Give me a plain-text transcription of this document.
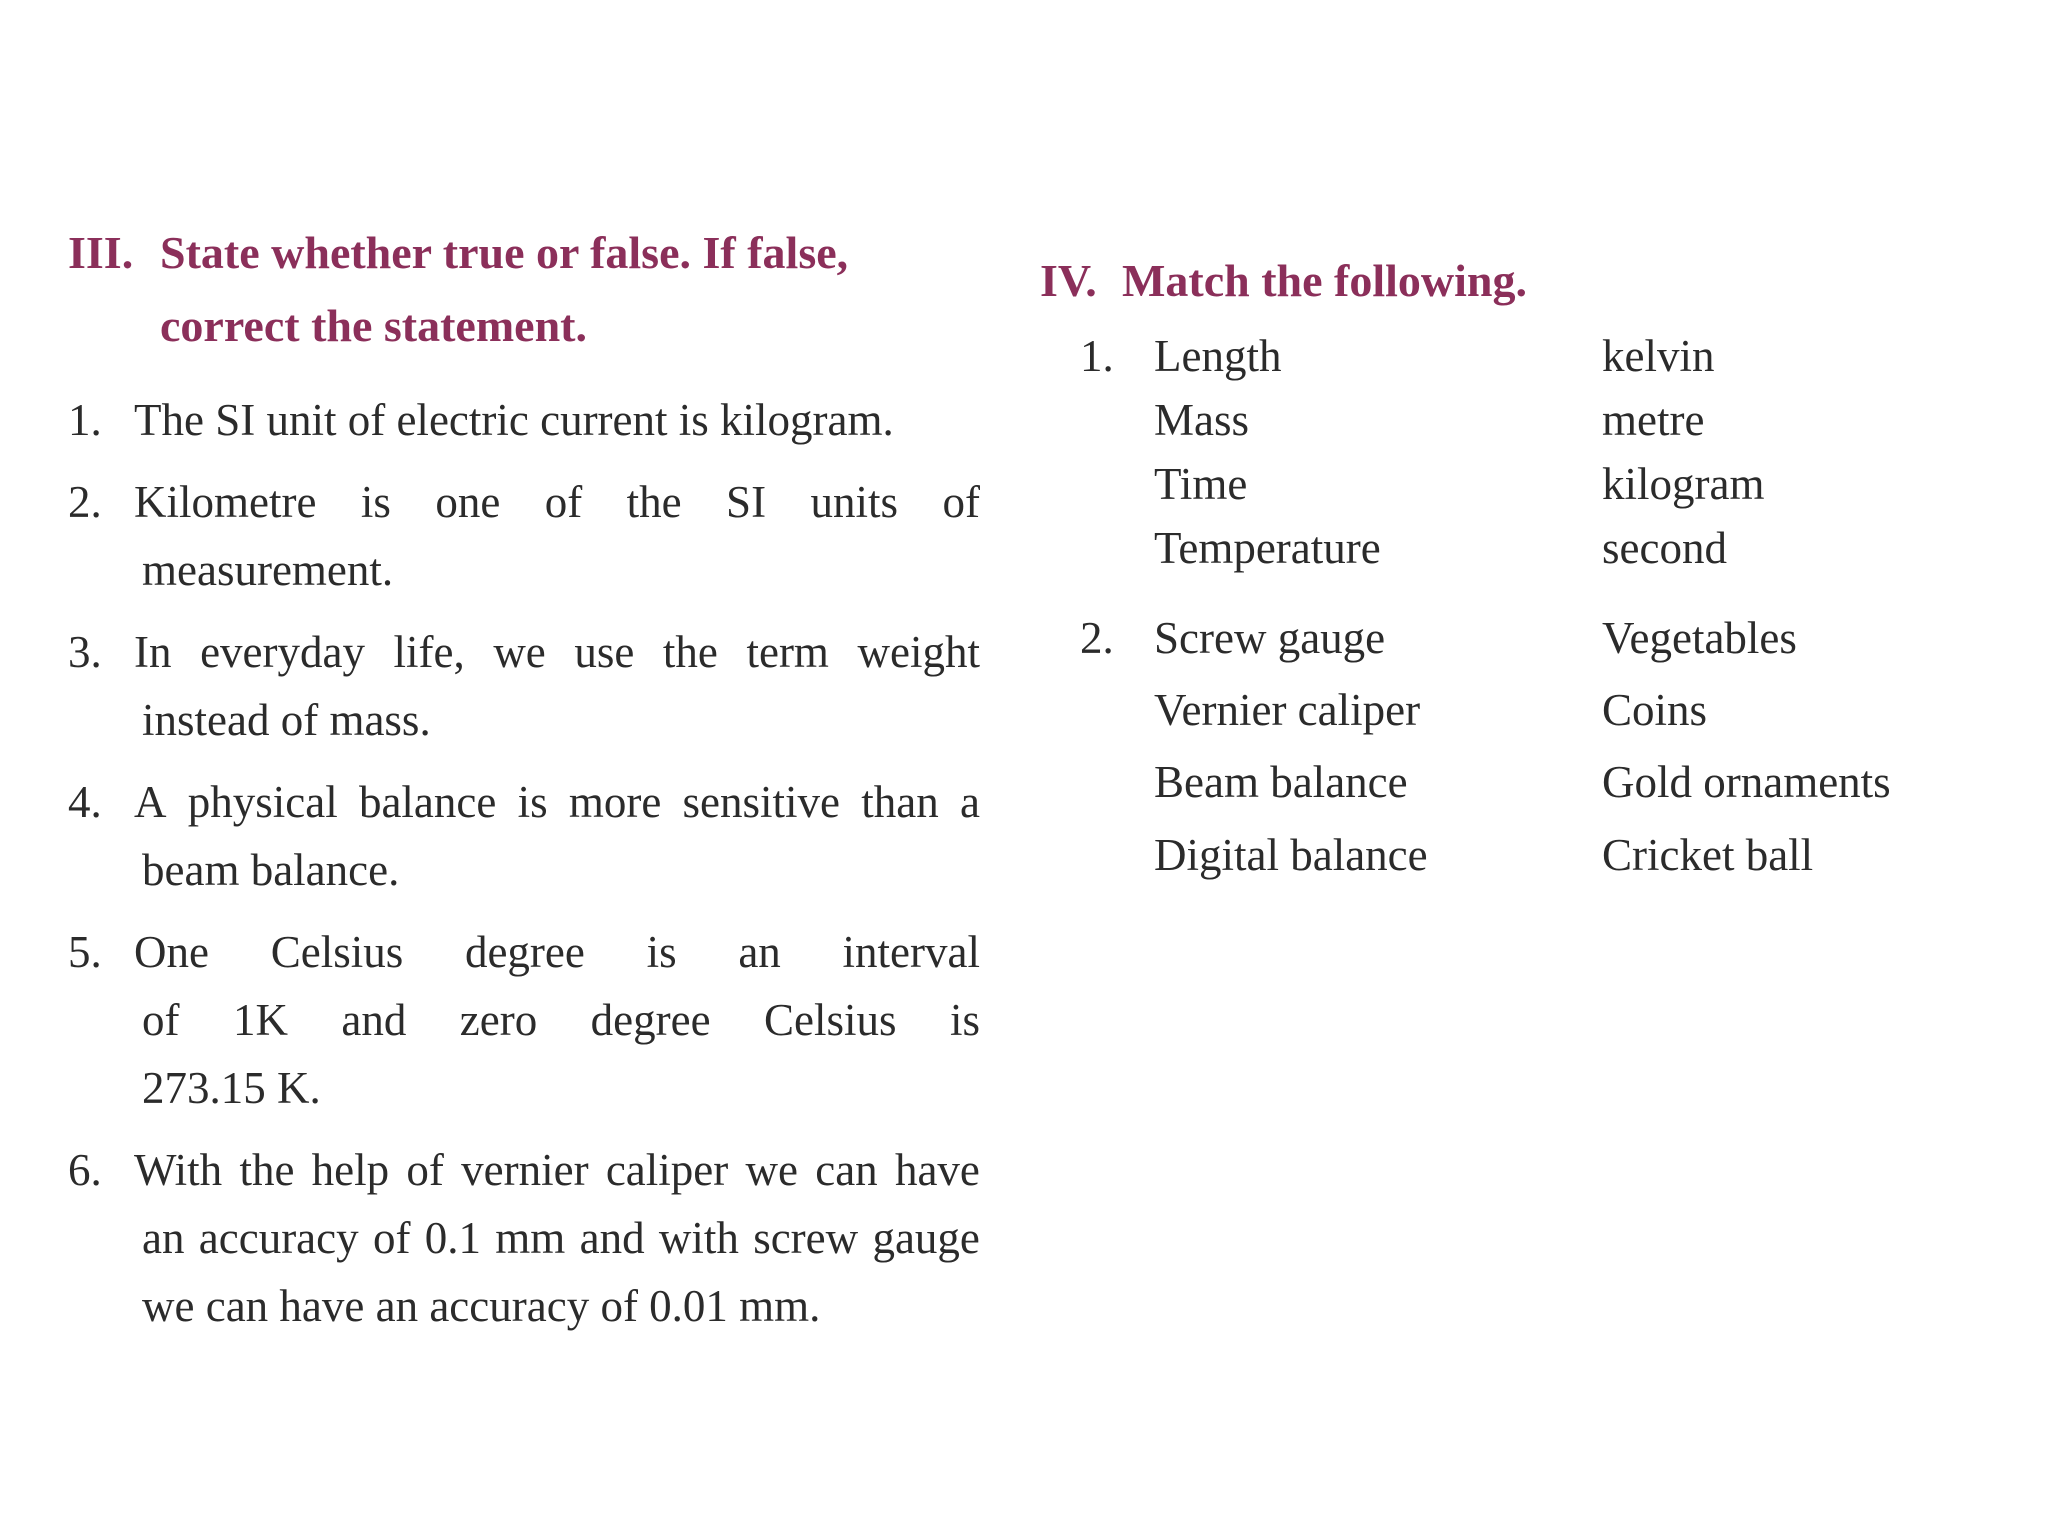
III. State whether true or false. If false,
correct the statement.
1. The SI unit of electric current is kilogram.
2. Kilometre is one of the SI units of
measurement.
3. In everyday life, we use the term weight
instead of mass.
4. A physical balance is more sensitive than a
beam balance.
5. One Celsius degree is an interval
of 1K and zero degree Celsius is
273.15 K.
6. With the help of vernier caliper we can have
an accuracy of 0.1 mm and with screw gauge
we can have an accuracy of 0.01 mm.
IV. Match the following.
1. Length
Mass
Time
Temperature
kelvin
metre
kilogram
second
2. Screw gauge
Vernier caliper
Beam balance
Digital balance
Vegetables
Coins
Gold ornaments
Cricket ball
